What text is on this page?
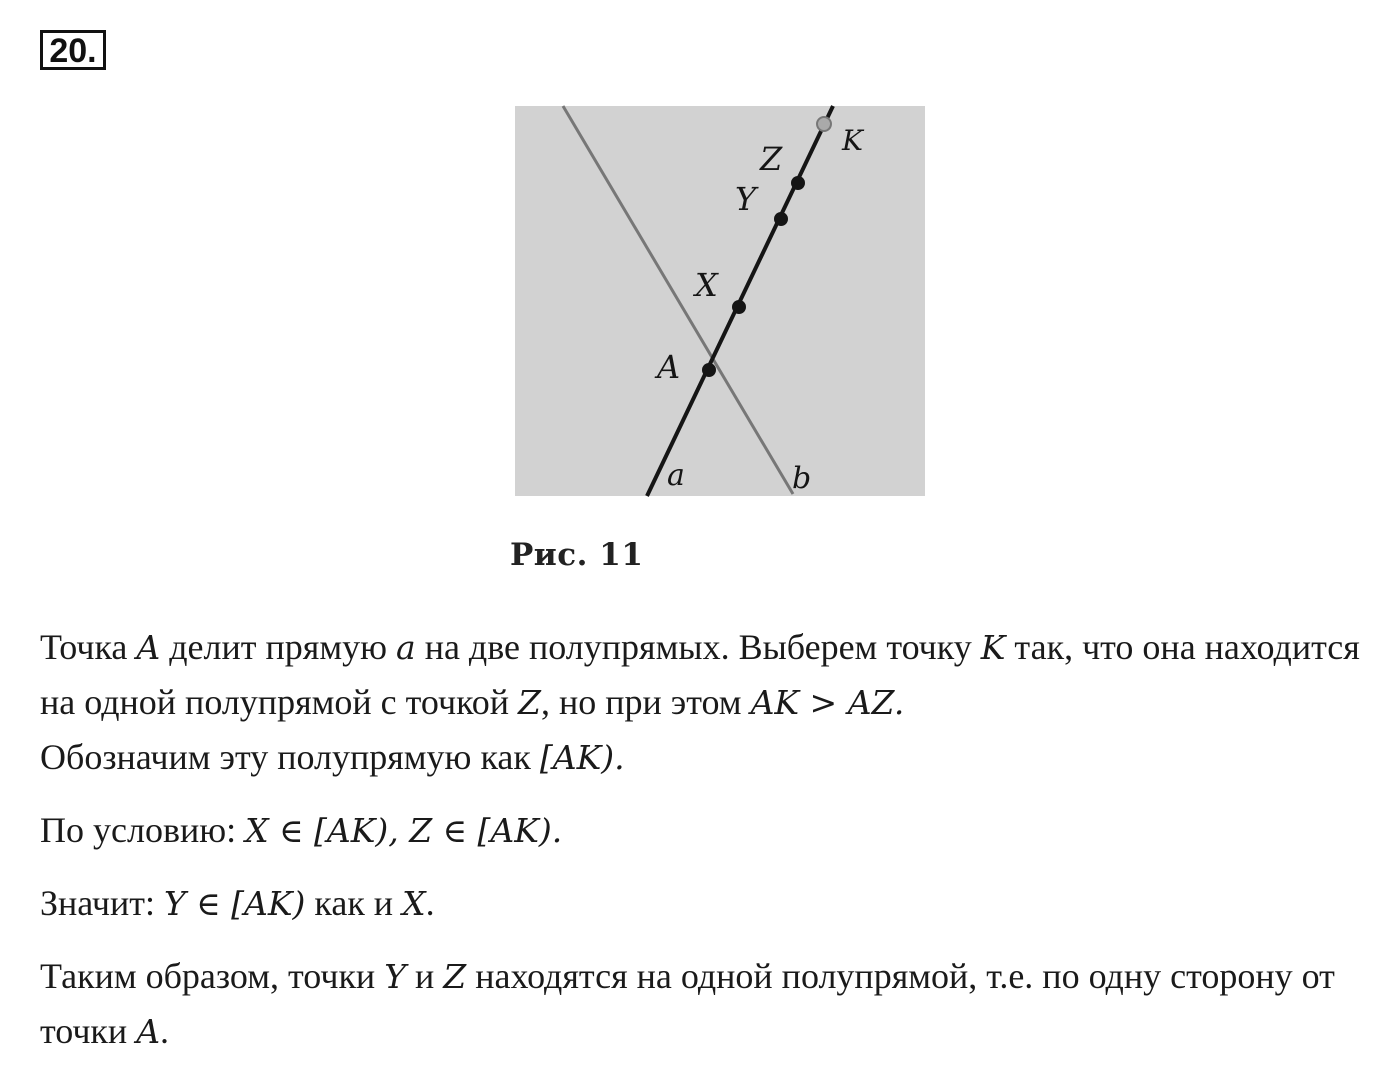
20.
A
X
Y
Z K
a	b
Рис. 11

Точка A делит прямую a на две полупрямых. Выберем точку K так, что она находится на одной полупрямой с точкой Z, но при этом AK > AZ.
Обозначим эту полупрямую как [AK).

По условию: X ∈ [AK), Z ∈ [AK).

Значит: Y ∈ [AK) как и X.

Таким образом, точки Y и Z находятся на одной полупрямой, т.е. по одну сторону от точки A.
